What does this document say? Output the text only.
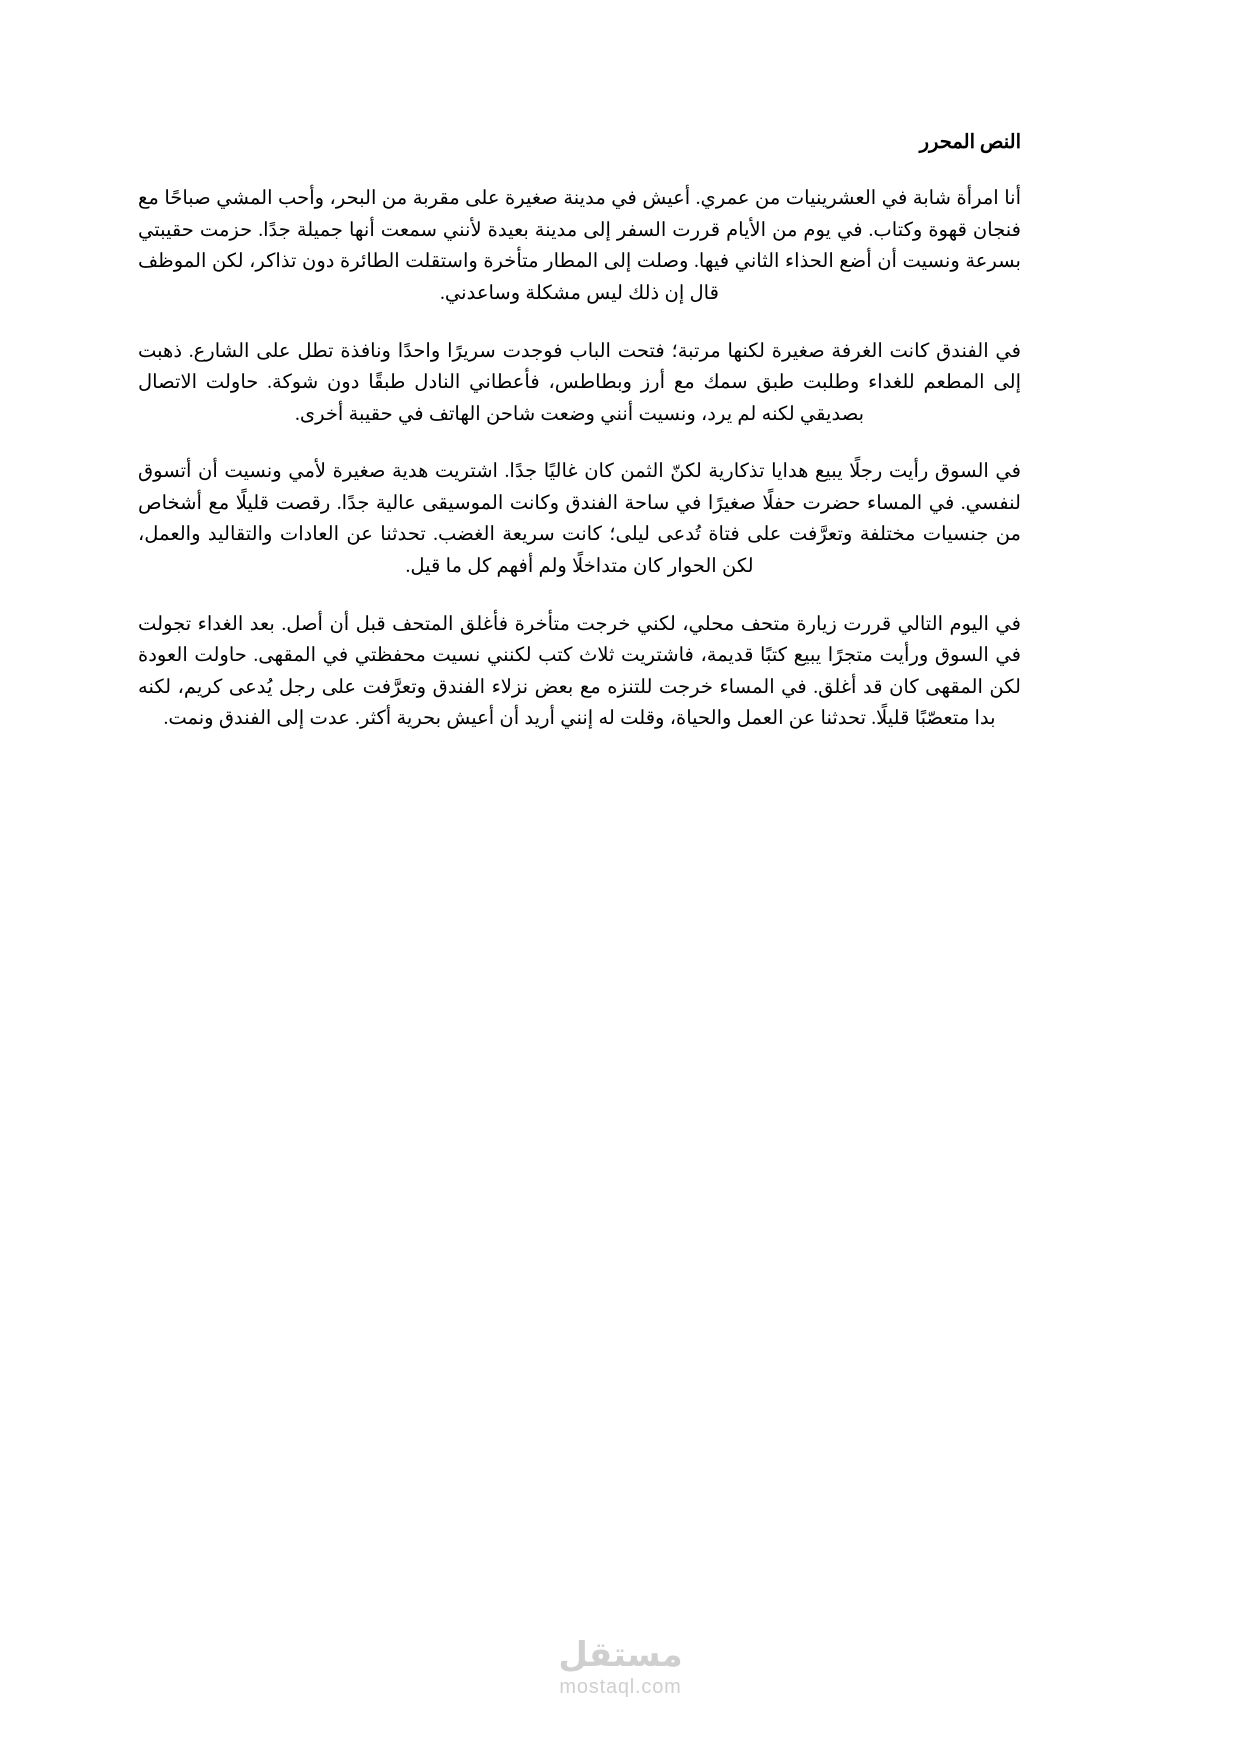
النص المحرر

أنا امرأة شابة في العشرينيات من عمري. أعيش في مدينة صغيرة على مقربة من البحر، وأحب المشي صباحًا مع فنجان قهوة وكتاب. في يوم من الأيام قررت السفر إلى مدينة بعيدة لأنني سمعت أنها جميلة جدًا. حزمت حقيبتي بسرعة ونسيت أن أضع الحذاء الثاني فيها. وصلت إلى المطار متأخرة واستقلت الطائرة دون تذاكر، لكن الموظف قال إن ذلك ليس مشكلة وساعدني.

في الفندق كانت الغرفة صغيرة لكنها مرتبة؛ فتحت الباب فوجدت سريرًا واحدًا ونافذة تطل على الشارع. ذهبت إلى المطعم للغداء وطلبت طبق سمك مع أرز وبطاطس، فأعطاني النادل طبقًا دون شوكة. حاولت الاتصال بصديقي لكنه لم يرد، ونسيت أنني وضعت شاحن الهاتف في حقيبة أخرى.

في السوق رأيت رجلًا يبيع هدايا تذكارية لكنّ الثمن كان غاليًا جدًا. اشتريت هدية صغيرة لأمي ونسيت أن أتسوق لنفسي. في المساء حضرت حفلًا صغيرًا في ساحة الفندق وكانت الموسيقى عالية جدًا. رقصت قليلًا مع أشخاص من جنسيات مختلفة وتعرَّفت على فتاة تُدعى ليلى؛ كانت سريعة الغضب. تحدثنا عن العادات والتقاليد والعمل، لكن الحوار كان متداخلًا ولم أفهم كل ما قيل.

في اليوم التالي قررت زيارة متحف محلي، لكني خرجت متأخرة فأغلق المتحف قبل أن أصل. بعد الغداء تجولت في السوق ورأيت متجرًا يبيع كتبًا قديمة، فاشتريت ثلاث كتب لكنني نسيت محفظتي في المقهى. حاولت العودة لكن المقهى كان قد أغلق. في المساء خرجت للتنزه مع بعض نزلاء الفندق وتعرَّفت على رجل يُدعى كريم، لكنه بدا متعصّبًا قليلًا. تحدثنا عن العمل والحياة، وقلت له إنني أريد أن أعيش بحرية أكثر. عدت إلى الفندق ونمت.

مستقل
mostaql.com
